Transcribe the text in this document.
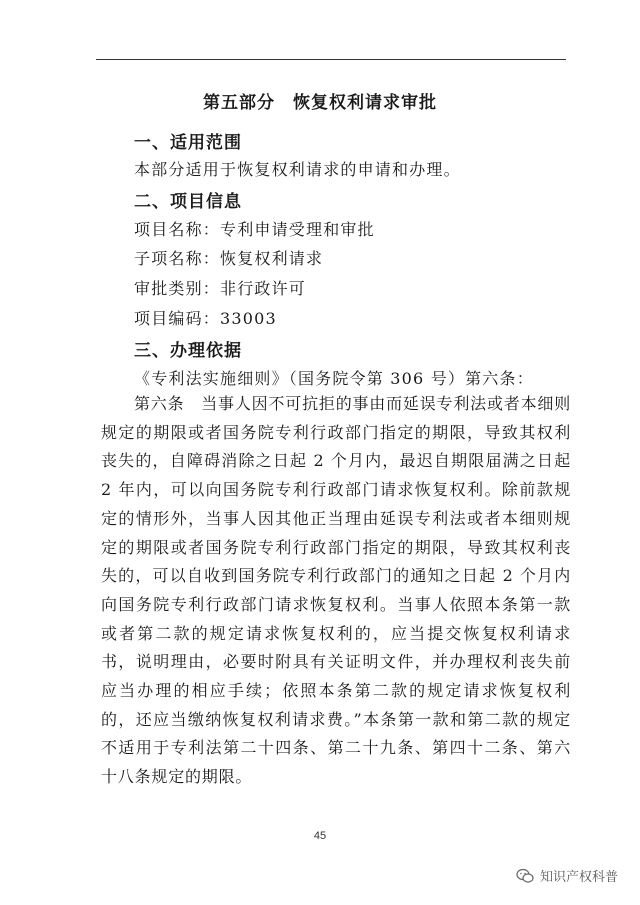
第五部分　恢复权利请求审批
一、适用范围
本部分适用于恢复权利请求的申请和办理。
二、项目信息
项目名称：专利申请受理和审批
子项名称：恢复权利请求
审批类别：非行政许可
项目编码：33003
三、办理依据
《专利法实施细则》（国务院令第 306 号）第六条：
第六条　当事人因不可抗拒的事由而延误专利法或者本细则规定的期限或者国务院专利行政部门指定的期限，导致其权利丧失的，自障碍消除之日起 2 个月内，最迟自期限届满之日起 2 年内，可以向国务院专利行政部门请求恢复权利。除前款规定的情形外，当事人因其他正当理由延误专利法或者本细则规定的期限或者国务院专利行政部门指定的期限，导致其权利丧失的，可以自收到国务院专利行政部门的通知之日起 2 个月内向国务院专利行政部门请求恢复权利。当事人依照本条第一款或者第二款的规定请求恢复权利的，应当提交恢复权利请求书，说明理由，必要时附具有关证明文件，并办理权利丧失前应当办理的相应手续；依照本条第二款的规定请求恢复权利的，还应当缴纳恢复权利请求费。”本条第一款和第二款的规定不适用于专利法第二十四条、第二十九条、第四十二条、第六十八条规定的期限。
45
知识产权科普
